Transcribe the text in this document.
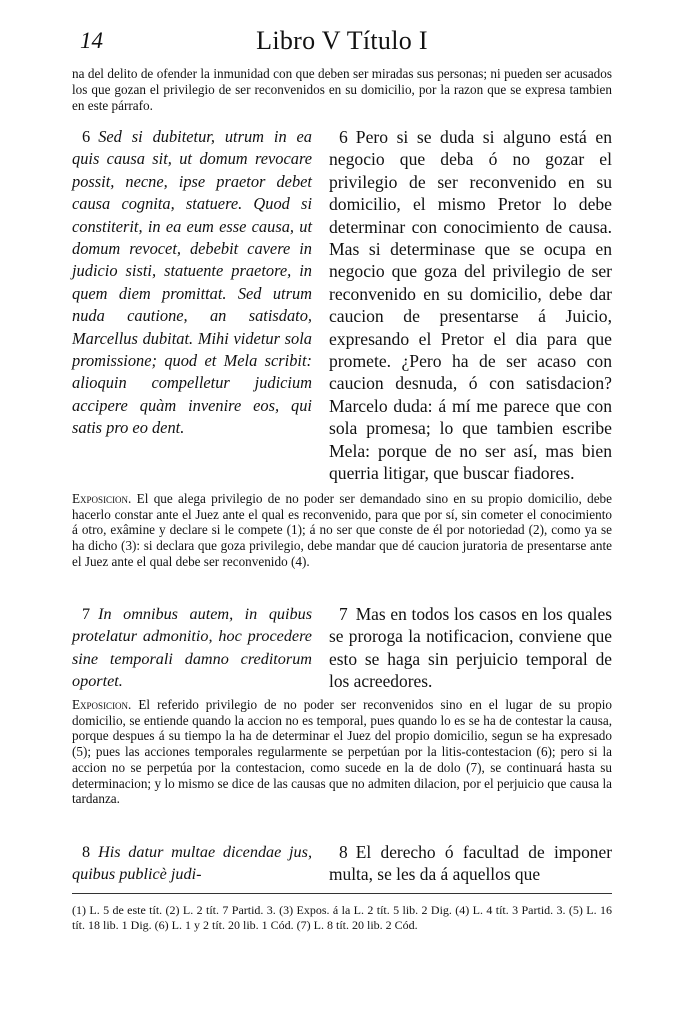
14	Libro V Título I
na del delito de ofender la inmunidad con que deben ser miradas sus personas; ni pueden ser acusados los que gozan el privilegio de ser reconvenidos en su domicilio, por la razon que se expresa tambien en este párrafo.
6 Sed si dubitetur, utrum in ea quis causa sit, ut domum revocare possit, necne, ipse praetor debet causa cognita, statuere. Quod si constiterit, in ea eum esse causa, ut domum revocet, debebit cavere in judicio sisti, statuente praetore, in quem diem promittat. Sed utrum nuda cautione, an satisdato, Marcellus dubitat. Mihi videtur sola promissione; quod et Mela scribit: alioquin compelletur judicium accipere quàm invenire eos, qui satis pro eo dent.
6 Pero si se duda si alguno está en negocio que deba ó no gozar el privilegio de ser reconvenido en su domicilio, el mismo Pretor lo debe determinar con conocimiento de causa. Mas si determinase que se ocupa en negocio que goza del privilegio de ser reconvenido en su domicilio, debe dar caucion de presentarse á Juicio, expresando el Pretor el dia para que promete. ¿Pero ha de ser acaso con caucion desnuda, ó con satisdacion? Marcelo duda: á mí me parece que con sola promesa; lo que tambien escribe Mela: porque de no ser así, mas bien querria litigar, que buscar fiadores.
Exposicion. El que alega privilegio de no poder ser demandado sino en su propio domicilio, debe hacerlo constar ante el Juez ante el qual es reconvenido, para que por sí, sin cometer el conocimiento á otro, exâmine y declare si le compete (1); á no ser que conste de él por notoriedad (2), como ya se ha dicho (3): si declara que goza privilegio, debe mandar que dé caucion juratoria de presentarse ante el Juez ante el qual debe ser reconvenido (4).
7 In omnibus autem, in quibus protelatur admonitio, hoc procedere sine temporali damno creditorum oportet.
7 Mas en todos los casos en los quales se proroga la notificacion, conviene que esto se haga sin perjuicio temporal de los acreedores.
Exposicion. El referido privilegio de no poder ser reconvenidos sino en el lugar de su propio domicilio, se entiende quando la accion no es temporal, pues quando lo es se ha de contestar la causa, porque despues á su tiempo la ha de determinar el Juez del propio domicilio, segun se ha expresado (5); pues las acciones temporales regularmente se perpetúan por la litis-contestacion (6); pero si la accion no se perpetúa por la contestacion, como sucede en la de dolo (7), se continuará hasta su determinacion; y lo mismo se dice de las causas que no admiten dilacion, por el perjuicio que causa la tardanza.
8 His datur multae dicendae jus, quibus publicè judi-
8 El derecho ó facultad de imponer multa, se les da á aquellos que
(1) L. 5 de este tít. (2) L. 2 tít. 7 Partid. 3. (3) Expos. á la L. 2 tít. 5 lib. 2 Dig. (4) L. 4 tít. 3 Partid. 3. (5) L. 16 tít. 18 lib. 1 Dig. (6) L. 1 y 2 tít. 20 lib. 1 Cód. (7) L. 8 tít. 20 lib. 2 Cód.
